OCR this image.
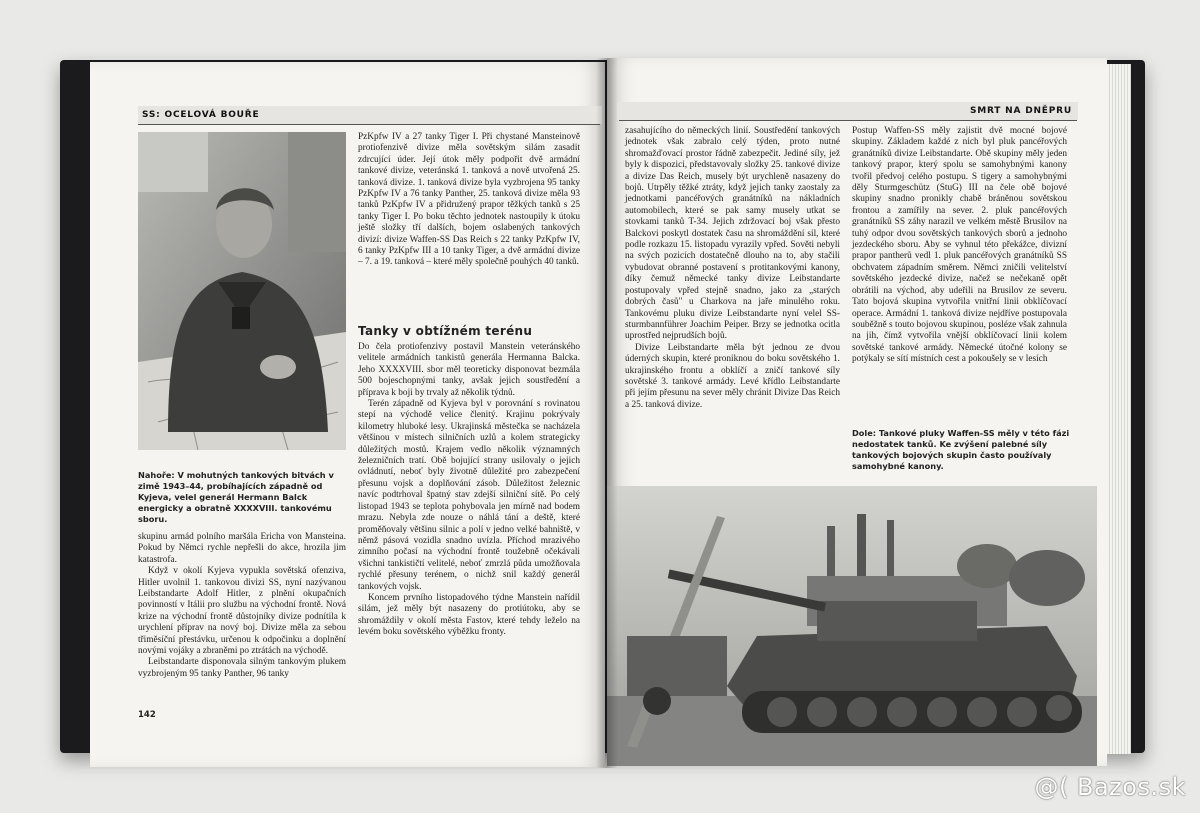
SS: OCELOVÁ BOUŘE
Nahoře: V mohutných tankových bitvách v zimě 1943–44, probíhajících západně od Kyjeva, velel generál Hermann Balck energicky a obratně XXXXVIII. tankovému sboru.

skupinu armád polního maršála Ericha von Mansteina. Pokud by Němci rychle nepřešli do akce, hrozila jim katastrofa.

Když v okolí Kyjeva vypukla sovětská ofenziva, Hitler uvolnil 1. tankovou divizi SS, nyní nazývanou Leibstandarte Adolf Hitler, z plnění okupačních povinností v Itálii pro službu na východní frontě. Nová krize na východní frontě důstojníky divize podnítila k urychlení příprav na nový boj. Divize měla za sebou třiměsíční přestávku, určenou k odpočinku a doplnění novými vojáky a zbraněmi po ztrátách na východě.

Leibstandarte disponovala silným tankovým plukem vyzbrojeným 95 tanky Panther, 96 tanky

PzKpfw IV a 27 tanky Tiger I. Při chystané Mansteinově protiofenzivě divize měla sovětským silám zasadit zdrcující úder. Její útok měly podpořit dvě armádní tankové divize, veteránská 1. tanková a nově utvořená 25. tanková divize. 1. tanková divize byla vyzbrojena 95 tanky PzKpfw IV a 76 tanky Panther, 25. tanková divize měla 93 tanků PzKpfw IV a přidružený prapor těžkých tanků s 25 tanky Tiger I. Po boku těchto jednotek nastoupily k útoku ještě složky tří dalších, bojem oslabených tankových divizí: divize Waffen-SS Das Reich s 22 tanky PzKpfw IV, 6 tanky PzKpfw III a 10 tanky Tiger, a dvě armádní divize – 7. a 19. tanková – které měly společně pouhých 40 tanků.

Tanky v obtížném terénu

Do čela protiofenzivy postavil Manstein veteránského velitele armádních tankistů generála Hermanna Balcka. Jeho XXXXVIII. sbor měl teoreticky disponovat bezmála 500 bojeschopnými tanky, avšak jejich soustředění a příprava k boji by trvaly až několik týdnů.

Terén západně od Kyjeva byl v porovnání s rovinatou stepí na východě velice členitý. Krajinu pokrývaly kilometry hluboké lesy. Ukrajinská městečka se nacházela většinou v místech silničních uzlů a kolem strategicky důležitých mostů. Krajem vedlo několik významných železničních tratí. Obě bojující strany usilovaly o jejich ovládnutí, neboť byly životně důležité pro zabezpečení přesunu vojsk a doplňování zásob. Důležitost železnic navíc podtrhoval špatný stav zdejší silniční sítě. Po celý listopad 1943 se teplota pohybovala jen mírně nad bodem mrazu. Nebyla zde nouze o náhlá tání a deště, které proměňovaly většinu silnic a polí v jedno velké bahniště, v němž pásová vozidla snadno uvízla. Příchod mrazivého zimního počasí na východní frontě toužebně očekávali všichni tankističtí velitelé, neboť zmrzlá půda umožňovala rychlé přesuny terénem, o nichž snil každý generál tankových vojsk.

Koncem prvního listopadového týdne Manstein nařídil silám, jež měly být nasazeny do protiútoku, aby se shromáždily v okolí města Fastov, které tehdy leželo na levém boku sovětského výběžku fronty.

142
SMRT NA DNĚPRU

zasahujícího do německých linií. Soustředění tankových jednotek však zabralo celý týden, proto nutné shromažďovací prostor řádně zabezpečit. Jediné síly, jež byly k dispozici, představovaly složky 25. tankové divize a divize Das Reich, musely být urychleně nasazeny do bojů. Utrpěly těžké ztráty, když jejich tanky zaostaly za jednotkami pancéřových granátníků na nákladních automobilech, které se pak samy musely utkat se stovkami tanků T-34. Jejich zdržovací boj však přesto Balckovi poskytl dostatek času na shromáždění sil, které podle rozkazu 15. listopadu vyrazily vpřed. Sověti nebyli na svých pozicích dostatečně dlouho na to, aby stačili vybudovat obranné postavení s protitankovými kanony, díky čemuž německé tanky divize Leibstandarte postupovaly vpřed stejně snadno, jako za „starých dobrých časů" u Charkova na jaře minulého roku. Tankovému pluku divize Leibstandarte nyní velel SS-sturmbannführer Joachim Peiper. Brzy se jednotka ocitla uprostřed nejprudších bojů.

Divize Leibstandarte měla být jednou ze dvou úderných skupin, které proniknou do boku sovětského 1. ukrajinského frontu a obklíčí a zničí tankové síly sovětské 3. tankové armády. Levé křídlo Leibstandarte při jejím přesunu na sever měly chránit Divize Das Reich a 25. tanková divize.

Postup Waffen-SS měly zajistit dvě mocné bojové skupiny. Základem každé z nich byl pluk pancéřových granátníků divize Leibstandarte. Obě skupiny měly jeden tankový prapor, který spolu se samohybnými kanony tvořil předvoj celého postupu. S tigery a samohybnými děly Sturmgeschütz (StuG) III na čele obě bojové skupiny snadno pronikly chabě bráněnou sovětskou frontou a zamířily na sever. 2. pluk pancéřových granátníků SS záhy narazil ve velkém městě Brusilov na tuhý odpor dvou sovětských tankových sborů a jednoho jezdeckého sboru. Aby se vyhnul této překážce, divizní prapor pantherů vedl 1. pluk pancéřových granátníků SS obchvatem západním směrem. Němci zničili velitelství sovětského jezdecké divize, načež se nečekaně opět obrátili na východ, aby udeřili na Brusilov ze severu. Tato bojová skupina vytvořila vnitřní linii obklíčovací operace. Armádní 1. tanková divize nejdříve postupovala souběžně s touto bojovou skupinou, posléze však zahnula na jih, čímž vytvořila vnější obklíčovací linii kolem sovětské tankové armády. Německé útočné kolony se potýkaly se sítí místních cest a pokoušely se v lesích

Dole: Tankové pluky Waffen-SS měly v této fázi nedostatek tanků. Ke zvýšení palebné síly tankových bojových skupin často používaly samohybné kanony.
@( Bazos.sk
